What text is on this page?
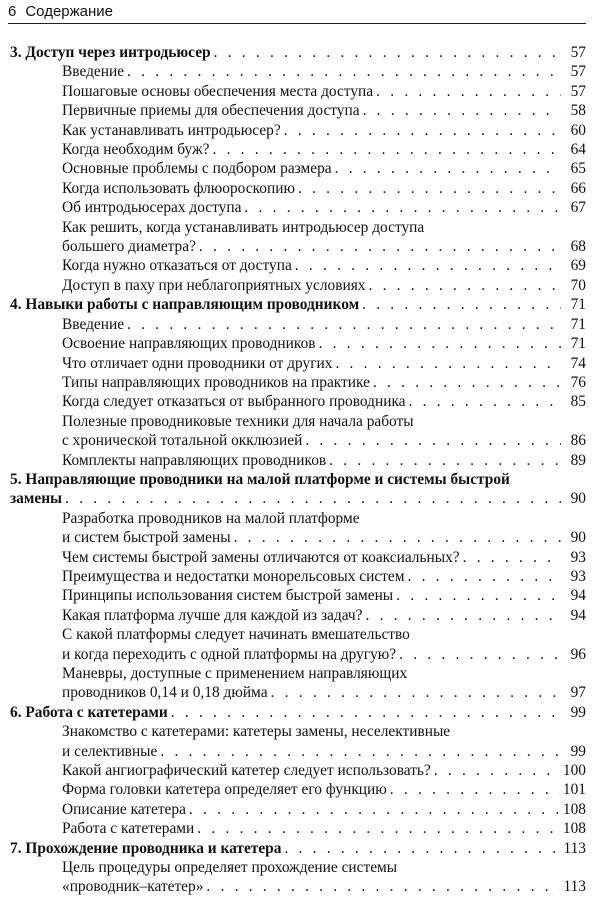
6 Содержание
3. Доступ через интродьюсер . . .	57
Введение . . .	57
Пошаговые основы обеспечения места доступа . . .	57
Первичные приемы для обеспечения доступа . . .	58
Как устанавливать интродьюсер? . . .	60
Когда необходим буж? . . .	64
Основные проблемы с подбором размера . . .	65
Когда использовать флюороскопию . . .	66
Об интродьюсерах доступа . . .	67
Как решить, когда устанавливать интродьюсер доступа
большего диаметра? . . .	68
Когда нужно отказаться от доступа . . .	69
Доступ в паху при неблагоприятных условиях . . .	70
4. Навыки работы с направляющим проводником . . .	71
Введение . . .	71
Освоение направляющих проводников . . .	71
Что отличает одни проводники от других . . .	74
Типы направляющих проводников на практике . . .	76
Когда следует отказаться от выбранного проводника . . .	85
Полезные проводниковые техники для начала работы
с хронической тотальной окклюзией . . .	86
Комплекты направляющих проводников . . .	89
5. Направляющие проводники на малой платформе и системы быстрой
замены . . .	90
Разработка проводников на малой платформе
и систем быстрой замены . . .	90
Чем системы быстрой замены отличаются от коаксиальных? . . .	93
Преимущества и недостатки монорельсовых систем . . .	93
Принципы использования систем быстрой замены . . .	94
Какая платформа лучше для каждой из задач? . . .	94
С какой платформы следует начинать вмешательство
и когда переходить с одной платформы на другую? . . .	96
Маневры, доступные с применением направляющих
проводников 0,14 и 0,18 дюйма . . .	97
6. Работа с катетерами . . .	99
Знакомство с катетерами: катетеры замены, неселективные
и селективные . . .	99
Какой ангиографический катетер следует использовать? . . .	100
Форма головки катетера определяет его функцию . . .	101
Описание катетера . . .	108
Работа с катетерами . . .	108
7. Прохождение проводника и катетера . . .	113
Цель процедуры определяет прохождение системы
«проводник–катетер» . . .	113
